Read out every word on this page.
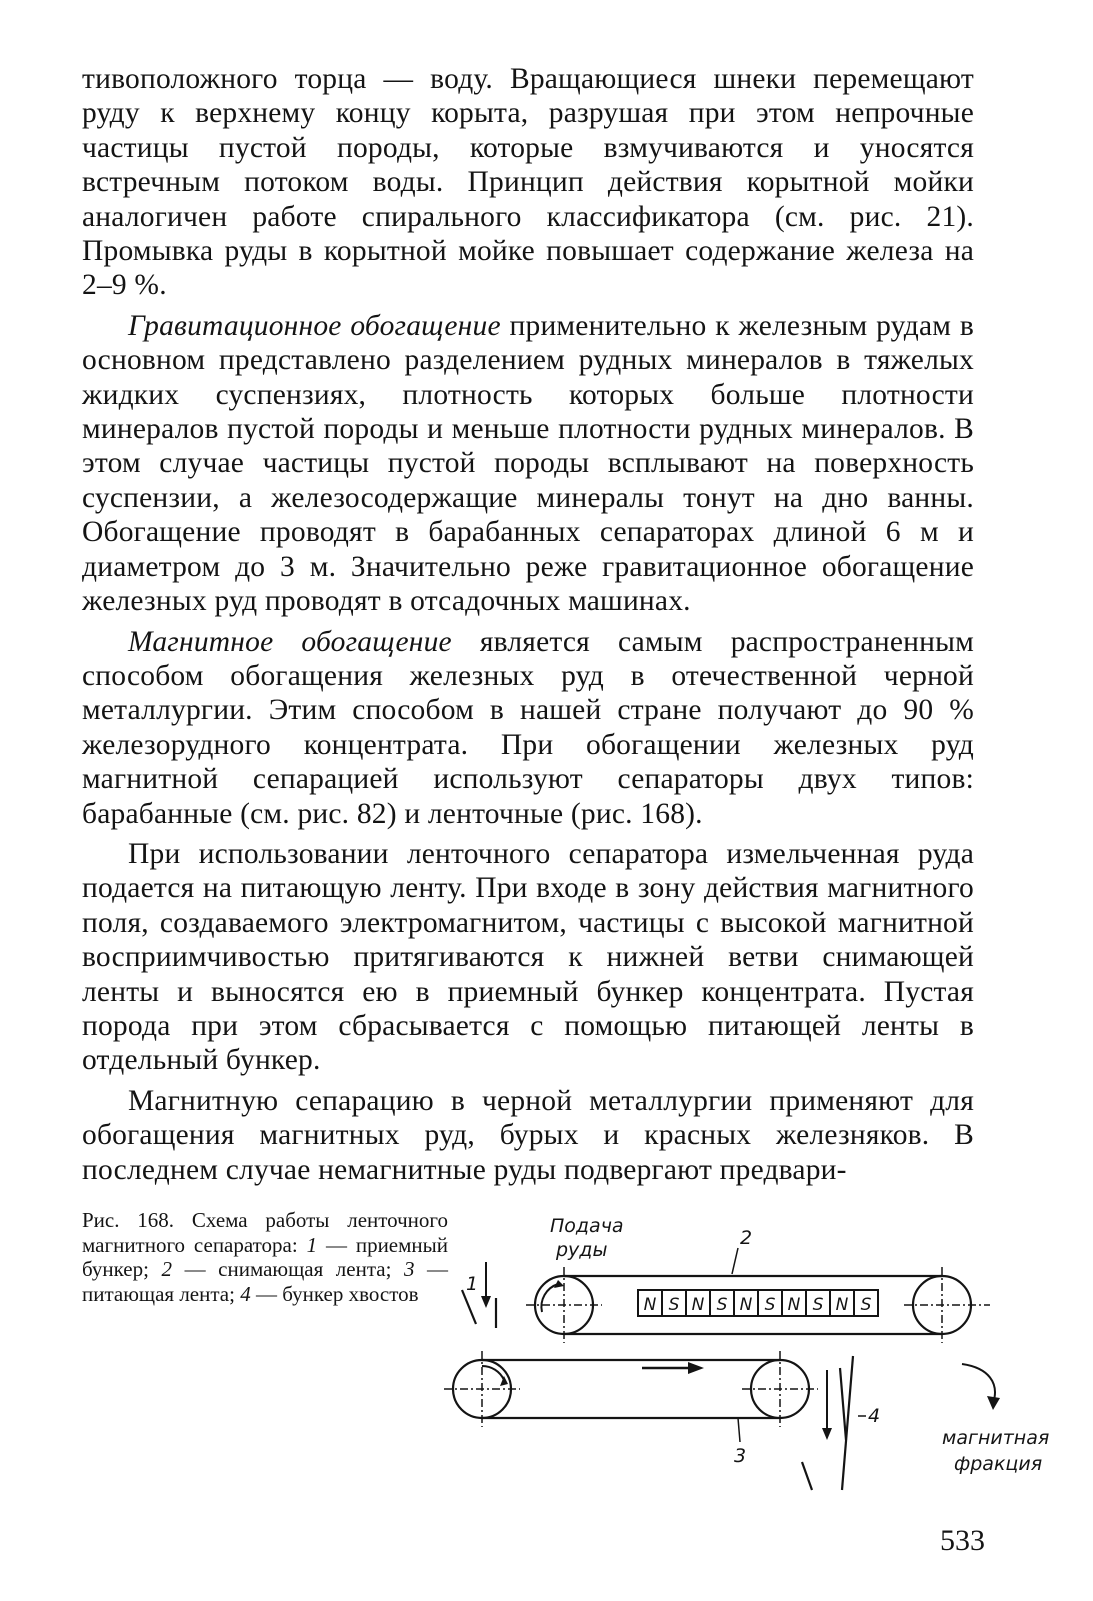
тивоположного торца — воду. Вращающиеся шнеки перемещают руду к верхнему концу корыта, разрушая при этом непрочные частицы пустой породы, которые взмучиваются и уносятся встречным потоком воды. Принцип действия корытной мойки аналогичен работе спирального классификатора (см. рис. 21). Промывка руды в корытной мойке повышает содержание железа на 2–9 %.

Гравитационное обогащение применительно к железным рудам в основном представлено разделением рудных минералов в тяжелых жидких суспензиях, плотность которых больше плотности минералов пустой породы и меньше плотности рудных минералов. В этом случае частицы пустой породы всплывают на поверхность суспензии, а железосодержащие минералы тонут на дно ванны. Обогащение проводят в барабанных сепараторах длиной 6 м и диаметром до 3 м. Значительно реже гравитационное обогащение железных руд проводят в отсадочных машинах.

Магнитное обогащение является самым распространенным способом обогащения железных руд в отечественной черной металлургии. Этим способом в нашей стране получают до 90 % железорудного концентрата. При обогащении железных руд магнитной сепарацией используют сепараторы двух типов: барабанные (см. рис. 82) и ленточные (рис. 168).

При использовании ленточного сепаратора измельченная руда подается на питающую ленту. При входе в зону действия магнитного поля, создаваемого электромагнитом, частицы с высокой магнитной восприимчивостью притягиваются к нижней ветви снимающей ленты и выносятся ею в приемный бункер концентрата. Пустая порода при этом сбрасывается с помощью питающей ленты в отдельный бункер.

Магнитную сепарацию в черной металлургии применяют для обогащения магнитных руд, бурых и красных железняков. В последнем случае немагнитные руды подвергают предвари-

Рис. 168. Схема работы ленточного магнитного сепаратора: 1 — приемный бункер; 2 — снимающая лента; 3 — питающая лента; 4 — бункер хвостов	N S N S N S N S N S
Подача
руды
1
2
3
4
магнитная
фракция
533
